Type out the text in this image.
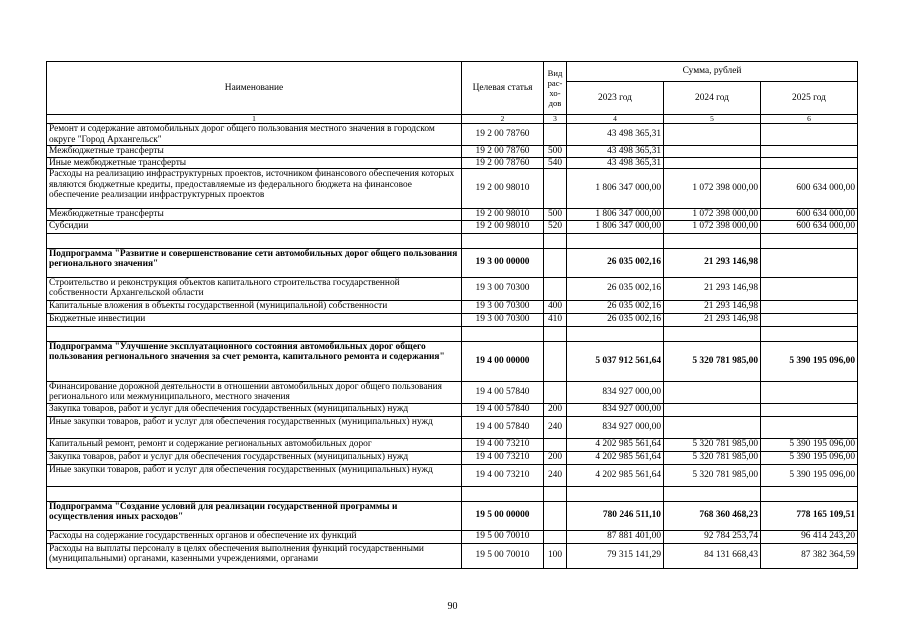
Наименование	Целевая статья	Вид рас-хо-дов	Сумма, рублей		
			2023 год	2024 год	2025 год
1	2	3	4	5	6
Ремонт и содержание автомобильных дорог общего пользования местного значения в городском округе "Город Архангельск"	19 2 00 78760		43 498 365,31		
Межбюджетные трансферты	19 2 00 78760	500	43 498 365,31		
Иные межбюджетные трансферты	19 2 00 78760	540	43 498 365,31		
Расходы на реализацию инфраструктурных проектов, источником финансового обеспечения которых являются бюджетные кредиты, предоставляемые из федерального бюджета на финансовое обеспечение реализации инфраструктурных проектов	19 2 00 98010		1 806 347 000,00	1 072 398 000,00	600 634 000,00
Межбюджетные трансферты	19 2 00 98010	500	1 806 347 000,00	1 072 398 000,00	600 634 000,00
Субсидии	19 2 00 98010	520	1 806 347 000,00	1 072 398 000,00	600 634 000,00

Подпрограмма "Развитие и совершенствование сети автомобильных дорог общего пользования регионального значения"	19 3 00 00000		26 035 002,16	21 293 146,98	
Строительство и реконструкция объектов капитального строительства государственной собственности Архангельской области	19 3 00 70300		26 035 002,16	21 293 146,98	
Капитальные вложения в объекты государственной (муниципальной) собственности	19 3 00 70300	400	26 035 002,16	21 293 146,98	
Бюджетные инвестиции	19 3 00 70300	410	26 035 002,16	21 293 146,98	

Подпрограмма "Улучшение эксплуатационного состояния автомобильных дорог общего пользования регионального значения за счет ремонта, капитального ремонта и содержания"	19 4 00 00000		5 037 912 561,64	5 320 781 985,00	5 390 195 096,00
Финансирование дорожной деятельности в отношении автомобильных дорог общего пользования регионального или межмуниципального, местного значения	19 4 00 57840		834 927 000,00		
Закупка товаров, работ и услуг для обеспечения государственных (муниципальных) нужд	19 4 00 57840	200	834 927 000,00		
Иные закупки товаров, работ и услуг для обеспечения государственных (муниципальных) нужд	19 4 00 57840	240	834 927 000,00		
Капитальный ремонт, ремонт и содержание региональных автомобильных дорог	19 4 00 73210		4 202 985 561,64	5 320 781 985,00	5 390 195 096,00
Закупка товаров, работ и услуг для обеспечения государственных (муниципальных) нужд	19 4 00 73210	200	4 202 985 561,64	5 320 781 985,00	5 390 195 096,00
Иные закупки товаров, работ и услуг для обеспечения государственных (муниципальных) нужд	19 4 00 73210	240	4 202 985 561,64	5 320 781 985,00	5 390 195 096,00

Подпрограмма "Создание условий для реализации государственной программы и осуществления иных расходов"	19 5 00 00000		780 246 511,10	768 360 468,23	778 165 109,51
Расходы на содержание государственных органов и обеспечение их функций	19 5 00 70010		87 881 401,00	92 784 253,74	96 414 243,20
Расходы на выплаты персоналу в целях обеспечения выполнения функций государственными (муниципальными) органами, казенными учреждениями, органами	19 5 00 70010	100	79 315 141,29	84 131 668,43	87 382 364,59
90
